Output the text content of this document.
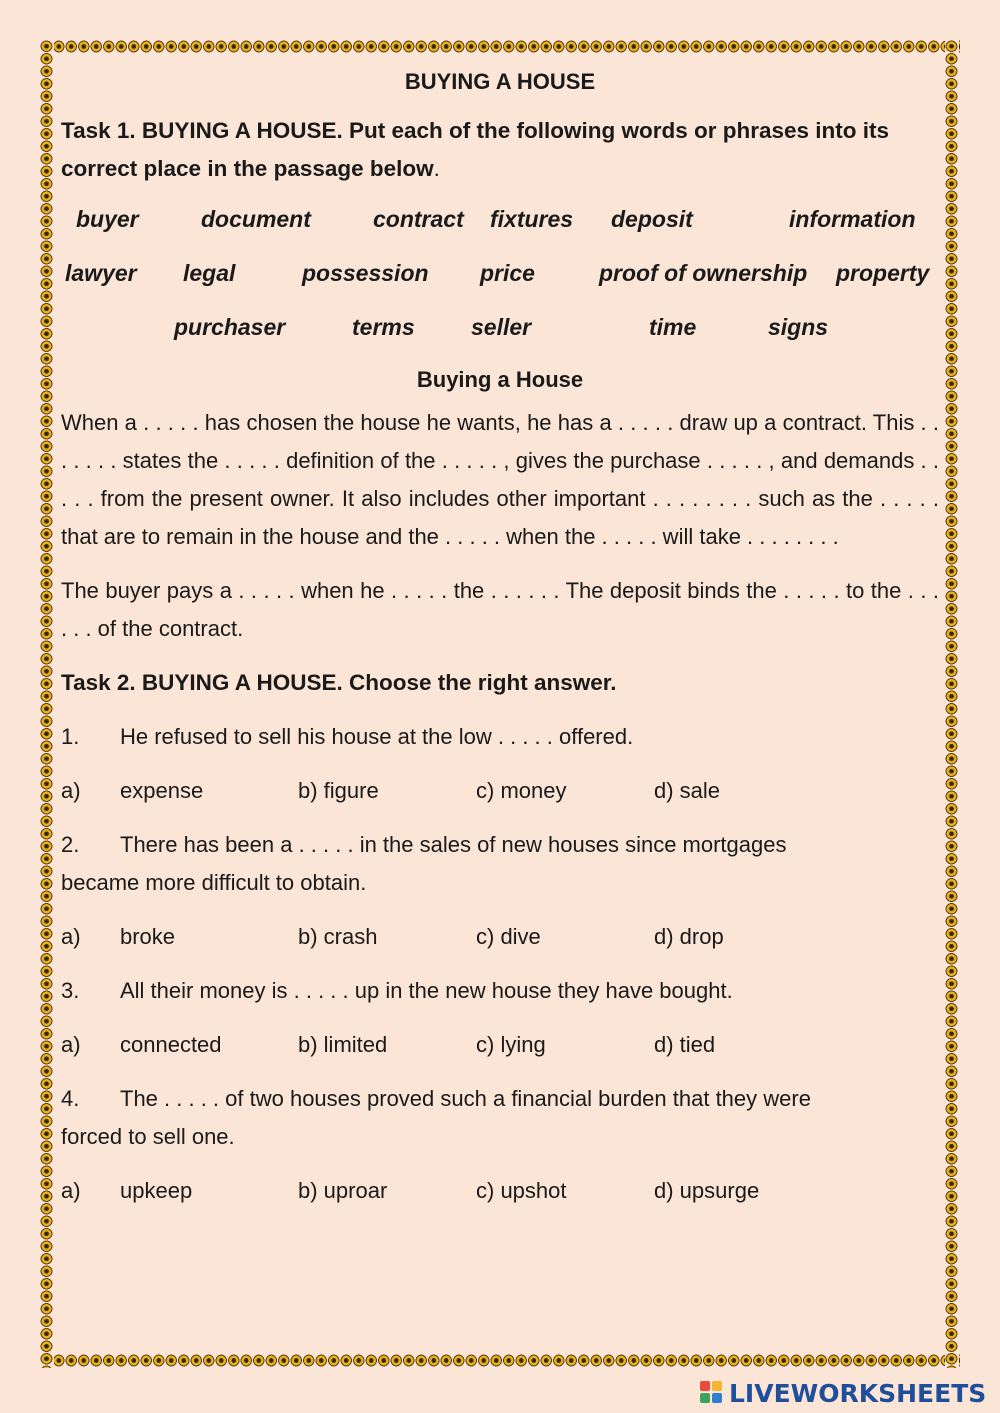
BUYING A HOUSE

Task 1. BUYING A HOUSE. Put each of the following words or phrases into its correct place in the passage below.

buyer	document	contract fixtures deposit	information
lawyer legal	possession price	proof of ownership property
purchaser	terms seller	time	signs
Buying a House

When a . . . . . has chosen the house he wants, he has a . . . . . draw up a contract. This . . . . . . . states the . . . . . definition of the . . . . . , gives the purchase . . . . . , and demands . . . . . from the present owner. It also includes other important . . . . . . . . such as the . . . . . that are to remain in the house and the . . . . . when the . . . . . will take . . . . . . . .

The buyer pays a . . . . . when he . . . . . the . . . . . . The deposit binds the . . . . . to the . . . . . . of the contract.

Task 2. BUYING A HOUSE. Choose the right answer.

1. He refused to sell his house at the low . . . . . offered.
a) expense	b) figure	c) money	d) sale
2. There has been a . . . . . in the sales of new houses since mortgages

became more difficult to obtain.

a) broke	b) crash	c) dive	d) drop
3. All their money is . . . . . up in the new house they have bought.
a) connected	b) limited	c) lying	d) tied
4. The . . . . . of two houses proved such a financial burden that they were

forced to sell one.

a) upkeep	b) uproar	c) upshot	d) upsurge
LIVEWORKSHEETS
